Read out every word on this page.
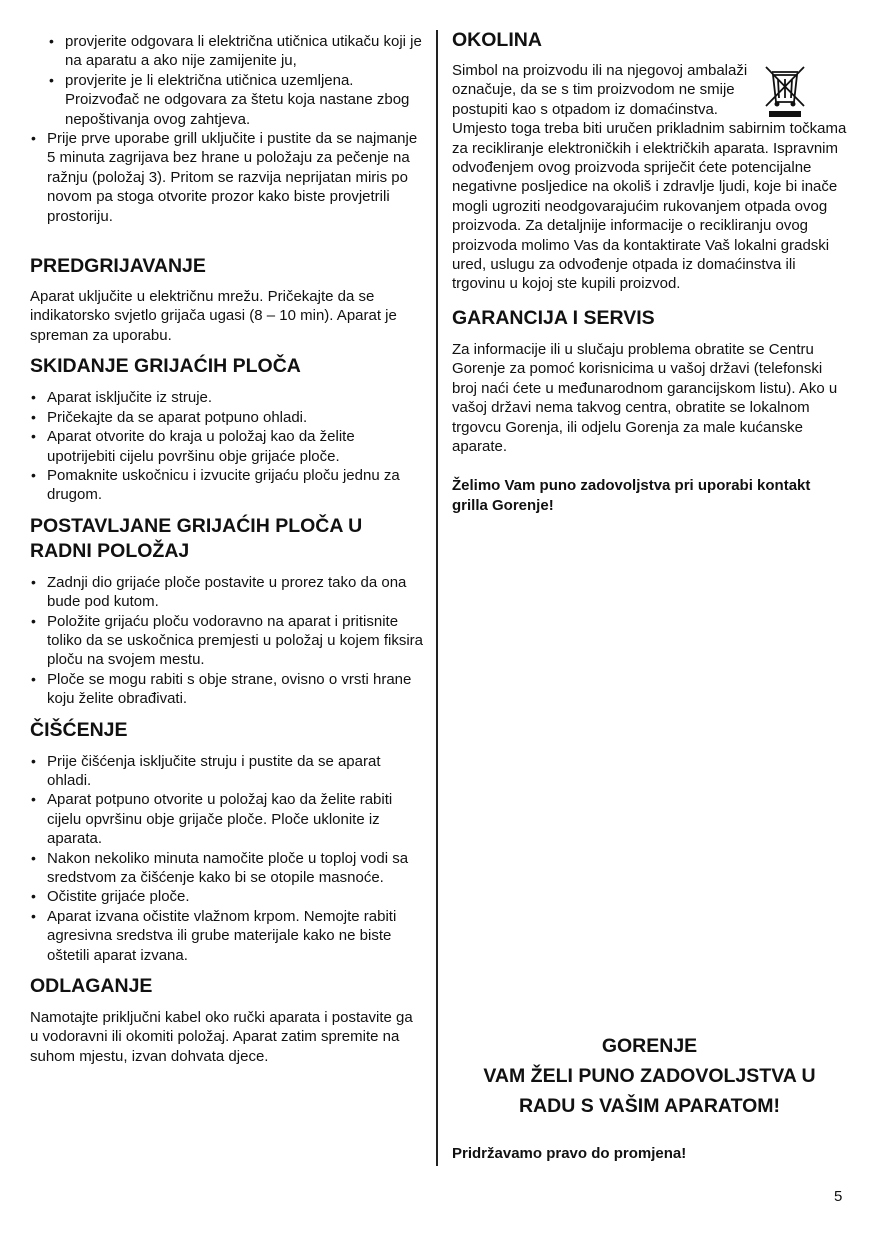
• provjerite odgovara li električna utičnica utikaču koji je na aparatu a ako nije zamijenite ju,
• provjerite je li električna utičnica uzemljena. Proizvođač ne odgovara za štetu koja nastane zbog nepoštivanja ovog zahtjeva.
• Prije prve uporabe grill uključite i pustite da se najmanje 5 minuta zagrijava bez hrane u položaju za pečenje na ražnju (položaj 3). Pritom se razvija neprijatan miris po novom pa stoga otvorite prozor kako biste provjetrili prostoriju.
PREDGRIJAVANJE

Aparat uključite u električnu mrežu. Pričekajte da se indikatorsko svjetlo grijača ugasi (8 – 10 min). Aparat je spreman za uporabu.

SKIDANJE GRIJAĆIH PLOČA
• Aparat isključite iz struje.
• Pričekajte da se aparat potpuno ohladi.
• Aparat otvorite do kraja u položaj kao da želite upotrijebiti cijelu površinu obje grijaće ploče.
• Pomaknite uskočnicu i izvucite grijaću ploču jednu za drugom.
POSTAVLJANE GRIJAĆIH PLOČA U RADNI POLOŽAJ
• Zadnji dio grijaće ploče postavite u prorez tako da ona bude pod kutom.
• Položite grijaću ploču vodoravno na aparat i pritisnite toliko da se uskočnica premjesti u položaj u kojem fiksira ploču na svojem mestu.
• Ploče se mogu rabiti s obje strane, ovisno o vrsti hrane koju želite obrađivati.
ČIŠĆENJE
• Prije čišćenja isključite struju i pustite da se aparat ohladi.
• Aparat potpuno otvorite u položaj kao da želite rabiti cijelu opvršinu obje grijače ploče. Ploče uklonite iz aparata.
• Nakon nekoliko minuta namočite ploče u toploj vodi sa sredstvom za čišćenje kako bi se otopile masnoće.
• Očistite grijaće ploče.
• Aparat izvana očistite vlažnom krpom. Nemojte rabiti agresivna sredstva ili grube materijale kako ne biste oštetili aparat izvana.
ODLAGANJE

Namotajte priključni kabel oko ručki aparata i postavite ga u vodoravni ili okomiti položaj. Aparat zatim spremite na suhom mjestu, izvan dohvata djece.

OKOLINA

Simbol na proizvodu ili na njegovoj ambalaži označuje, da se s tim proizvodom ne smije postupiti kao s otpadom iz domaćinstva. Umjesto toga treba biti uručen prikladnim sabirnim točkama za recikliranje elektroničkih i električkih aparata. Ispravnim odvođenjem ovog proizvoda spriječit ćete potencijalne negativne posljedice na okoliš i zdravlje ljudi, koje bi inače mogli ugroziti neodgovarajućim rukovanjem otpada ovog proizvoda. Za detaljnije informacije o recikliranju ovog proizvoda molimo Vas da kontaktirate Vaš lokalni gradski ured, uslugu za odvođenje otpada iz domaćinstva ili trgovinu u kojoj ste kupili proizvod.

GARANCIJA I SERVIS

Za informacije ili u slučaju problema obratite se Centru Gorenje za pomoć korisnicima u vašoj državi (telefonski broj naći ćete u međunarodnom garancijskom listu). Ako u vašoj državi nema takvog centra, obratite se lokalnom trgovcu Gorenja, ili odjelu Gorenja za male kućanske aparate.

Želimo Vam puno zadovoljstva pri uporabi kontakt grilla Gorenje!

GORENJE
VAM ŽELI PUNO ZADOVOLJSTVA U
RADU S VAŠIM APARATOM!
Pridržavamo pravo do promjena!
5
